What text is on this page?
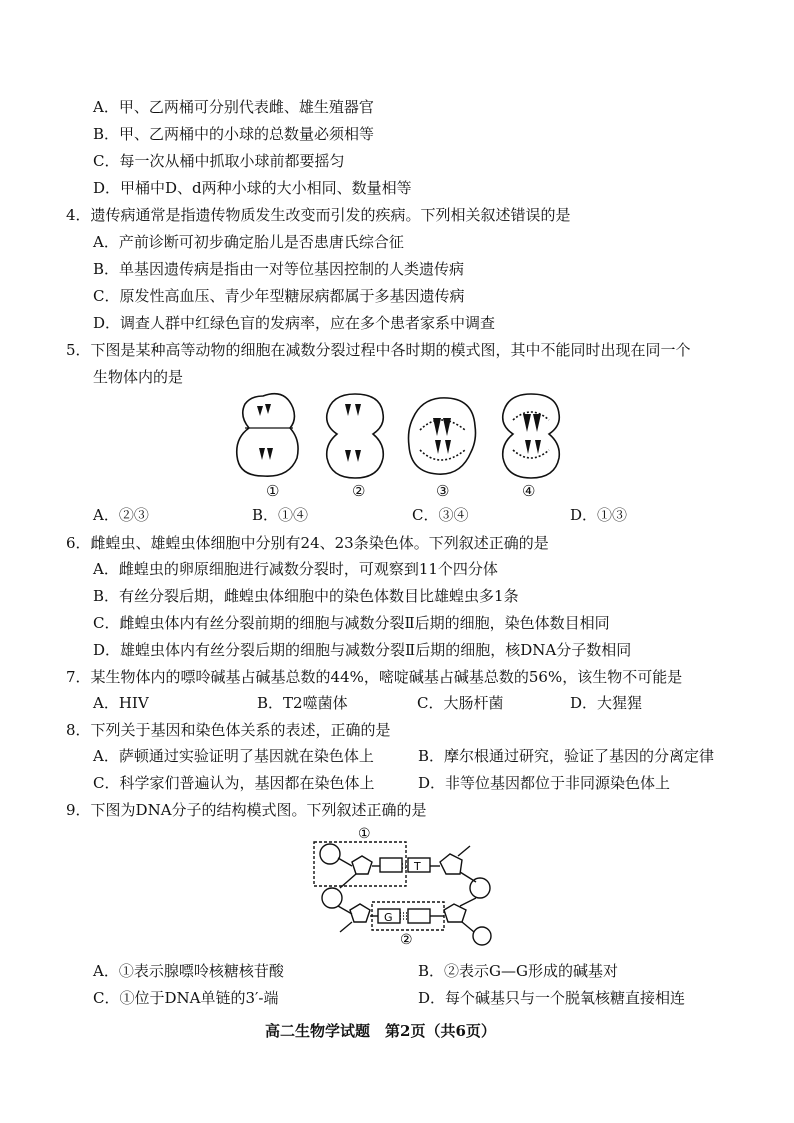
A．甲、乙两桶可分别代表雌、雄生殖器官
B．甲、乙两桶中的小球的总数量必须相等
C．每一次从桶中抓取小球前都要摇匀
D．甲桶中D、d两种小球的大小相同、数量相等
4．遗传病通常是指遗传物质发生改变而引发的疾病。下列相关叙述错误的是
A．产前诊断可初步确定胎儿是否患唐氏综合征
B．单基因遗传病是指由一对等位基因控制的人类遗传病
C．原发性高血压、青少年型糖尿病都属于多基因遗传病
D．调查人群中红绿色盲的发病率，应在多个患者家系中调查
5．下图是某种高等动物的细胞在减数分裂过程中各时期的模式图，其中不能同时出现在同一个
生物体内的是
①	②	③	④
A．②③	B．①④	C．③④	D．①③
6．雌蝗虫、雄蝗虫体细胞中分别有24、23条染色体。下列叙述正确的是
A．雌蝗虫的卵原细胞进行减数分裂时，可观察到11个四分体
B．有丝分裂后期，雌蝗虫体细胞中的染色体数目比雄蝗虫多1条
C．雌蝗虫体内有丝分裂前期的细胞与减数分裂Ⅱ后期的细胞，染色体数目相同
D．雄蝗虫体内有丝分裂后期的细胞与减数分裂Ⅱ后期的细胞，核DNA分子数相同
7．某生物体内的嘌呤碱基占碱基总数的44%，嘧啶碱基占碱基总数的56%，该生物不可能是
A．HIV	B．T2噬菌体	C．大肠杆菌	D．大猩猩
8．下列关于基因和染色体关系的表述，正确的是
A．萨顿通过实验证明了基因就在染色体上	B．摩尔根通过研究，验证了基因的分离定律
C．科学家们普遍认为，基因都在染色体上	D．非等位基因都位于非同源染色体上
9．下图为DNA分子的结构模式图。下列叙述正确的是
①
T
G
②
A．①表示腺嘌呤核糖核苷酸	B．②表示G—G形成的碱基对
C．①位于DNA单链的3′-端	D．每个碱基只与一个脱氧核糖直接相连
高二生物学试题　第2页（共6页）
